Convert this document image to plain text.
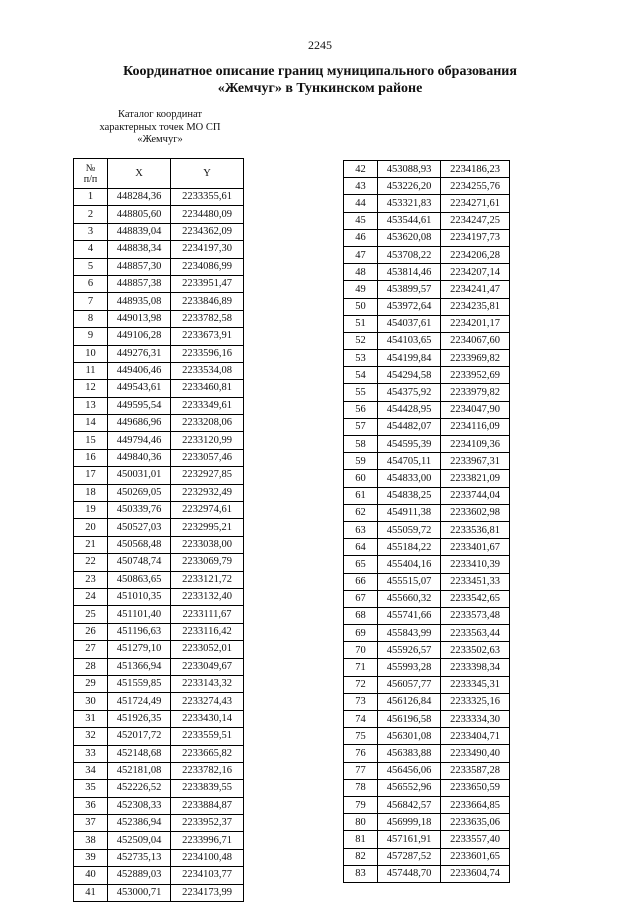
2245
Координатное описание границ муниципального образования
«Жемчуг» в Тункинском районе
Каталог координат
характерных точек МО СП
«Жемчуг»
№
п/п	X	Y
1	448284,36	2233355,61
2	448805,60	2234480,09
3	448839,04	2234362,09
4	448838,34	2234197,30
5	448857,30	2234086,99
6	448857,38	2233951,47
7	448935,08	2233846,89
8	449013,98	2233782,58
9	449106,28	2233673,91
10	449276,31	2233596,16
11	449406,46	2233534,08
12	449543,61	2233460,81
13	449595,54	2233349,61
14	449686,96	2233208,06
15	449794,46	2233120,99
16	449840,36	2233057,46
17	450031,01	2232927,85
18	450269,05	2232932,49
19	450339,76	2232974,61
20	450527,03	2232995,21
21	450568,48	2233038,00
22	450748,74	2233069,79
23	450863,65	2233121,72
24	451010,35	2233132,40
25	451101,40	2233111,67
26	451196,63	2233116,42
27	451279,10	2233052,01
28	451366,94	2233049,67
29	451559,85	2233143,32
30	451724,49	2233274,43
31	451926,35	2233430,14
32	452017,72	2233559,51
33	452148,68	2233665,82
34	452181,08	2233782,16
35	452226,52	2233839,55
36	452308,33	2233884,87
37	452386,94	2233952,37
38	452509,04	2233996,71
39	452735,13	2234100,48
40	452889,03	2234103,77
41	453000,71	2234173,99
42	453088,93	2234186,23
43	453226,20	2234255,76
44	453321,83	2234271,61
45	453544,61	2234247,25
46	453620,08	2234197,73
47	453708,22	2234206,28
48	453814,46	2234207,14
49	453899,57	2234241,47
50	453972,64	2234235,81
51	454037,61	2234201,17
52	454103,65	2234067,60
53	454199,84	2233969,82
54	454294,58	2233952,69
55	454375,92	2233979,82
56	454428,95	2234047,90
57	454482,07	2234116,09
58	454595,39	2234109,36
59	454705,11	2233967,31
60	454833,00	2233821,09
61	454838,25	2233744,04
62	454911,38	2233602,98
63	455059,72	2233536,81
64	455184,22	2233401,67
65	455404,16	2233410,39
66	455515,07	2233451,33
67	455660,32	2233542,65
68	455741,66	2233573,48
69	455843,99	2233563,44
70	455926,57	2233502,63
71	455993,28	2233398,34
72	456057,77	2233345,31
73	456126,84	2233325,16
74	456196,58	2233334,30
75	456301,08	2233404,71
76	456383,88	2233490,40
77	456456,06	2233587,28
78	456552,96	2233650,59
79	456842,57	2233664,85
80	456999,18	2233635,06
81	457161,91	2233557,40
82	457287,52	2233601,65
83	457448,70	2233604,74
